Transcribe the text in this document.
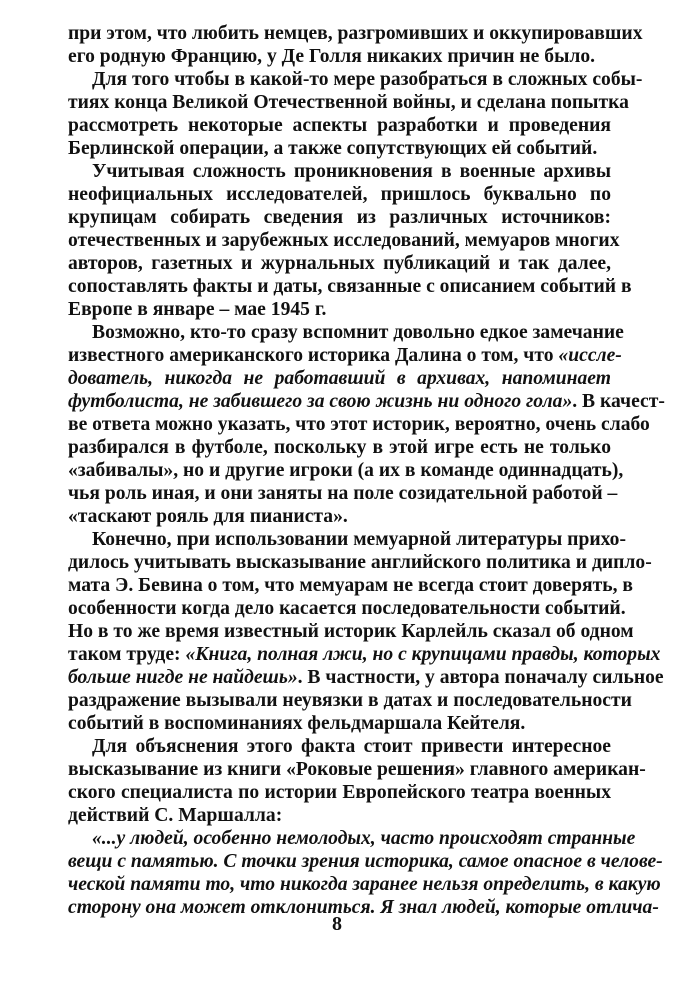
при этом, что любить немцев, разгромивших и оккупировавших
его родную Францию, у Де Голля никаких причин не было.
Для того чтобы в какой-то мере разобраться в сложных собы-
тиях конца Великой Отечественной войны, и сделана попытка
рассмотреть некоторые аспекты разработки и проведения
Берлинской операции, а также сопутствующих ей событий.
Учитывая сложность проникновения в военные архивы
неофициальных исследователей, пришлось буквально по
крупицам собирать сведения из различных источников:
отечественных и зарубежных исследований, мемуаров многих
авторов, газетных и журнальных публикаций и так далее,
сопоставлять факты и даты, связанные с описанием событий в
Европе в январе – мае 1945 г.
Возможно, кто-то сразу вспомнит довольно едкое замечание
известного американского историка Далина о том, что «иссле-
дователь, никогда не работавший в архивах, напоминает
футболиста, не забившего за свою жизнь ни одного гола». В качест-
ве ответа можно указать, что этот историк, вероятно, очень слабо
разбирался в футболе, поскольку в этой игре есть не только
«забивалы», но и другие игроки (а их в команде одиннадцать),
чья роль иная, и они заняты на поле созидательной работой –
«таскают рояль для пианиста».
Конечно, при использовании мемуарной литературы прихо-
дилось учитывать высказывание английского политика и дипло-
мата Э. Бевина о том, что мемуарам не всегда стоит доверять, в
особенности когда дело касается последовательности событий.
Но в то же время известный историк Карлейль сказал об одном
таком труде: «Книга, полная лжи, но с крупицами правды, которых
больше нигде не найдешь». В частности, у автора поначалу сильное
раздражение вызывали неувязки в датах и последовательности
событий в воспоминаниях фельдмаршала Кейтеля.
Для объяснения этого факта стоит привести интересное
высказывание из книги «Роковые решения» главного американ-
ского специалиста по истории Европейского театра военных
действий С. Маршалла:
«...у людей, особенно немолодых, часто происходят странные
вещи с памятью. С точки зрения историка, самое опасное в челове-
ческой памяти то, что никогда заранее нельзя определить, в какую
сторону она может отклониться. Я знал людей, которые отлича-
8
